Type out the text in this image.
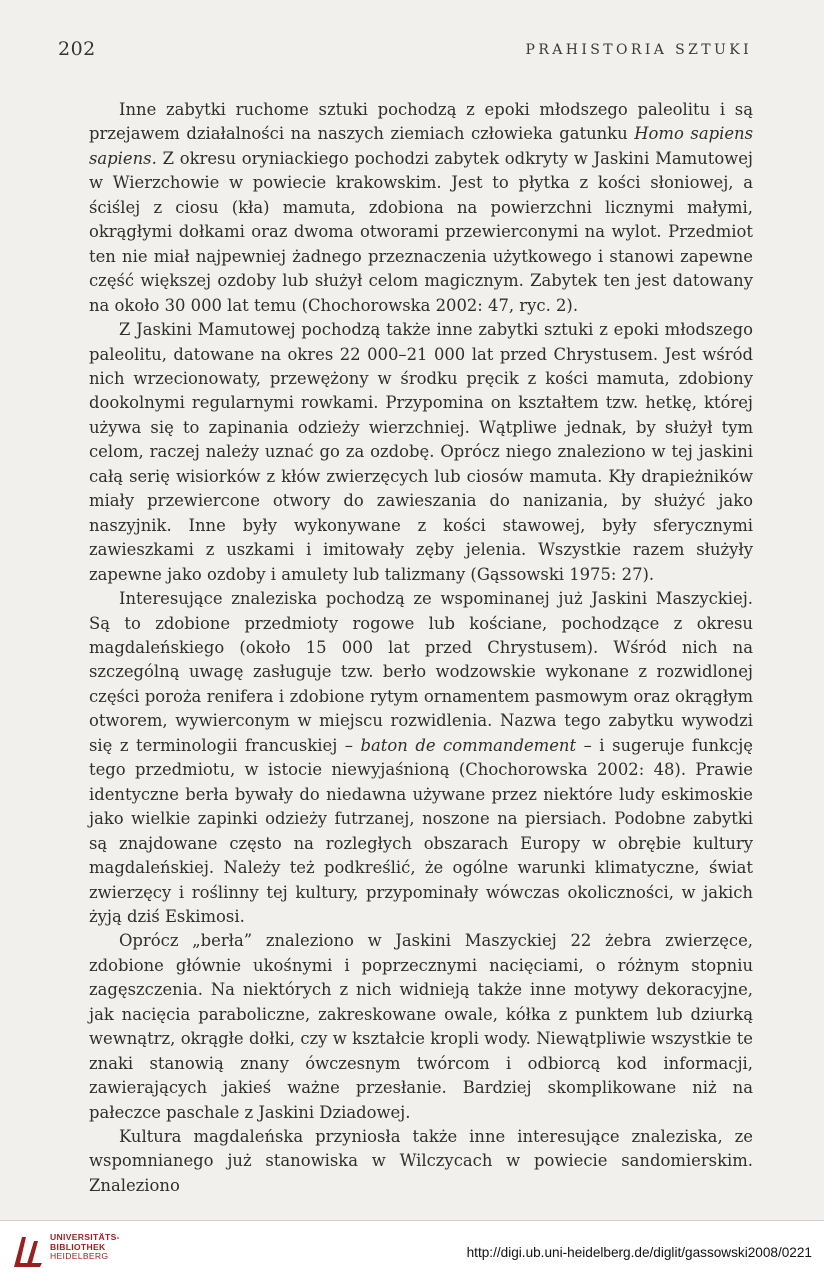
202	PRAHISTORIA SZTUKI

Inne zabytki ruchome sztuki pochodzą z epoki młodszego paleolitu i są przejawem działalności na naszych ziemiach człowieka gatunku Homo sapiens sapiens. Z okresu oryniackiego pochodzi zabytek odkryty w Jaskini Mamutowej w Wierzchowie w powiecie krakowskim. Jest to płytka z kości słoniowej, a ściślej z ciosu (kła) mamuta, zdobiona na powierzchni licznymi małymi, okrągłymi dołkami oraz dwoma otworami przewierconymi na wylot. Przedmiot ten nie miał najpewniej żadnego przeznaczenia użytkowego i stanowi zapewne część większej ozdoby lub służył celom magicznym. Zabytek ten jest datowany na około 30 000 lat temu (Chochorowska 2002: 47, ryc. 2).

Z Jaskini Mamutowej pochodzą także inne zabytki sztuki z epoki młodszego paleolitu, datowane na okres 22 000–21 000 lat przed Chrystusem. Jest wśród nich wrzecionowaty, przewężony w środku pręcik z kości mamuta, zdobiony dookolnymi regularnymi rowkami. Przypomina on kształtem tzw. hetkę, której używa się to zapinania odzieży wierzchniej. Wątpliwe jednak, by służył tym celom, raczej należy uznać go za ozdobę. Oprócz niego znaleziono w tej jaskini całą serię wisiorków z kłów zwierzęcych lub ciosów mamuta. Kły drapieżników miały przewiercone otwory do zawieszania do nanizania, by służyć jako naszyjnik. Inne były wykonywane z kości stawowej, były sferycznymi zawieszkami z uszkami i imitowały zęby jelenia. Wszystkie razem służyły zapewne jako ozdoby i amulety lub talizmany (Gąssowski 1975: 27).

Interesujące znaleziska pochodzą ze wspominanej już Jaskini Maszyckiej. Są to zdobione przedmioty rogowe lub kościane, pochodzące z okresu magdaleńskiego (około 15 000 lat przed Chrystusem). Wśród nich na szczególną uwagę zasługuje tzw. berło wodzowskie wykonane z rozwidlonej części poroża renifera i zdobione rytym ornamentem pasmowym oraz okrągłym otworem, wywierconym w miejscu rozwidlenia. Nazwa tego zabytku wywodzi się z terminologii francuskiej – baton de commandement – i sugeruje funkcję tego przedmiotu, w istocie niewyjaśnioną (Chochorowska 2002: 48). Prawie identyczne berła bywały do niedawna używane przez niektóre ludy eskimoskie jako wielkie zapinki odzieży futrzanej, noszone na piersiach. Podobne zabytki są znajdowane często na rozległych obszarach Europy w obrębie kultury magdaleńskiej. Należy też podkreślić, że ogólne warunki klimatyczne, świat zwierzęcy i roślinny tej kultury, przypominały wówczas okoliczności, w jakich żyją dziś Eskimosi.

Oprócz „berła” znaleziono w Jaskini Maszyckiej 22 żebra zwierzęce, zdobione głównie ukośnymi i poprzecznymi nacięciami, o różnym stopniu zagęszczenia. Na niektórych z nich widnieją także inne motywy dekoracyjne, jak nacięcia paraboliczne, zakreskowane owale, kółka z punktem lub dziurką wewnątrz, okrągłe dołki, czy w kształcie kropli wody. Niewątpliwie wszystkie te znaki stanowią znany ówczesnym twórcom i odbiorcą kod informacji, zawierających jakieś ważne przesłanie. Bardziej skomplikowane niż na pałeczce paschale z Jaskini Dziadowej.

Kultura magdaleńska przyniosła także inne interesujące znaleziska, ze wspomnianego już stanowiska w Wilczycach w powiecie sandomierskim. Znaleziono

UNIVERSITÄTS-
BIBLIOTHEK
HEIDELBERG	http://digi.ub.uni-heidelberg.de/diglit/gassowski2008/0221
